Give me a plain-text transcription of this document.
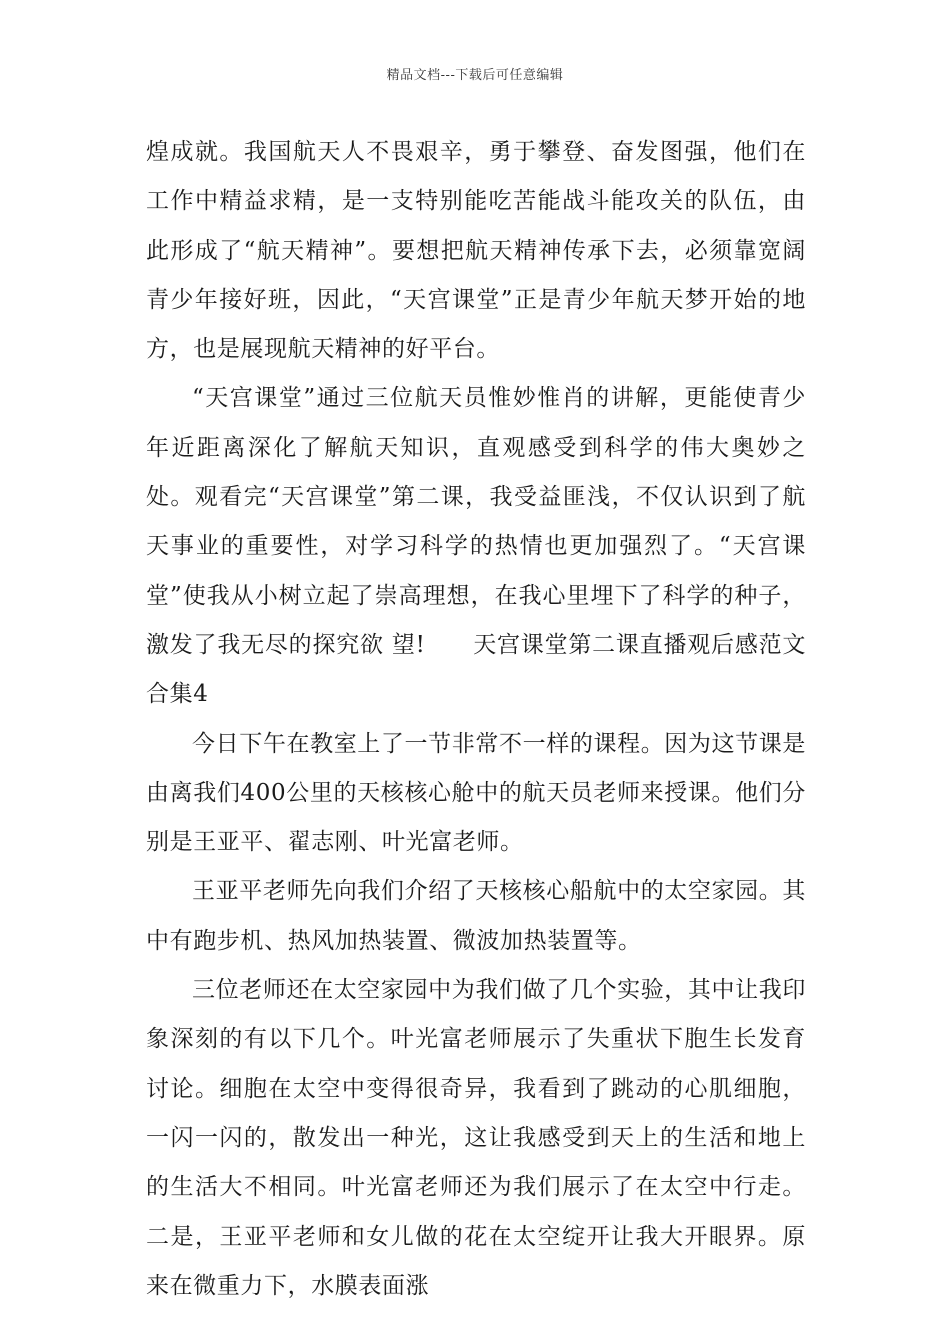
精品文档---下载后可任意编辑

煌成就。我国航天人不畏艰辛，勇于攀登、奋发图强，他们在工作中精益求精，是一支特别能吃苦能战斗能攻关的队伍，由此形成了“航天精神”。要想把航天精神传承下去，必须靠宽阔青少年接好班，因此，“天宫课堂”正是青少年航天梦开始的地方，也是展现航天精神的好平台。

“天宫课堂”通过三位航天员惟妙惟肖的讲解，更能使青少年近距离深化了解航天知识，直观感受到科学的伟大奥妙之处。观看完“天宫课堂”第二课，我受益匪浅，不仅认识到了航天事业的重要性，对学习科学的热情也更加强烈了。“天宫课堂”使我从小树立起了崇高理想，在我心里埋下了科学的种子，激发了我无尽的探究欲 望!　　天宫课堂第二课直播观后感范文合集4

今日下午在教室上了一节非常不一样的课程。因为这节课是由离我们400公里的天核核心舱中的航天员老师来授课。他们分别是王亚平、翟志刚、叶光富老师。

王亚平老师先向我们介绍了天核核心船航中的太空家园。其中有跑步机、热风加热装置、微波加热装置等。

三位老师还在太空家园中为我们做了几个实验，其中让我印象深刻的有以下几个。叶光富老师展示了失重状下胞生长发育讨论。细胞在太空中变得很奇异，我看到了跳动的心肌细胞，一闪一闪的，散发出一种光，这让我感受到天上的生活和地上的生活大不相同。叶光富老师还为我们展示了在太空中行走。二是，王亚平老师和女儿做的花在太空绽开让我大开眼界。原来在微重力下，水膜表面涨
